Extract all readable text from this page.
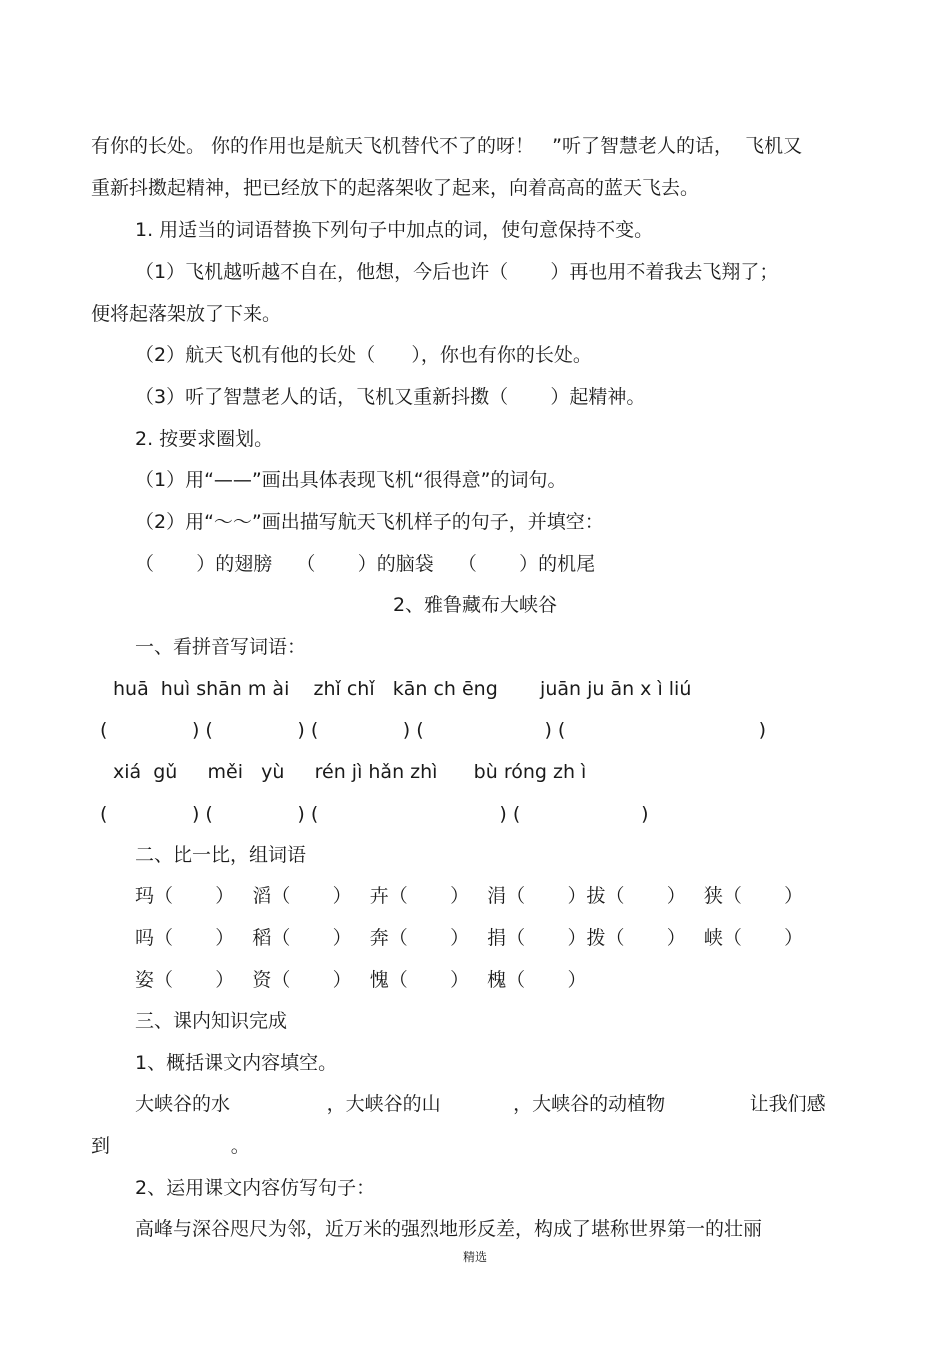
有你的长处。 你的作用也是航天飞机替代不了的呀！   ”听了智慧老人的话，  飞机又
重新抖擞起精神，把已经放下的起落架收了起来，向着高高的蓝天飞去。
1. 用适当的词语替换下列句子中加点的词，使句意保持不变。
（1）飞机越听越不自在，他想，今后也许（       ）再也用不着我去飞翔了；
便将起落架放了下来。
（2）航天飞机有他的长处（      ），你也有你的长处。
（3）听了智慧老人的话，飞机又重新抖擞（       ）起精神。
2. 按要求圈划。
（1）用“——”画出具体表现飞机“很得意”的词句。
（2）用“～～”画出描写航天飞机样子的句子，并填空：
（       ）的翅膀    （       ）的脑袋    （       ）的机尾
2、雅鲁藏布大峡谷
一、看拼音写词语：
huā  huì shān m ài    zhǐ chǐ   kān ch ēng       juān ju ān x ì liú
(              ) (              ) (              ) (                    ) (                                )
xiá  gǔ     měi   yù     rén jì hǎn zhì      bù róng zh ì
(              ) (              ) (                              ) (                    )
二、比一比，组词语
玛（       ）   滔（       ）   卉（       ）   涓（       ）拔（       ）   狭（       ）
吗（       ）   稻（       ）   奔（       ）   捐（       ）拨（       ）   峡（       ）
姿（       ）   资（       ）   愧（       ）   槐（       ）
三、课内知识完成
1、概括课文内容填空。
大峡谷的水                ，大峡谷的山            ，大峡谷的动植物              让我们感
到                    。
2、运用课文内容仿写句子：
高峰与深谷咫尺为邻，近万米的强烈地形反差，构成了堪称世界第一的壮丽
精选
